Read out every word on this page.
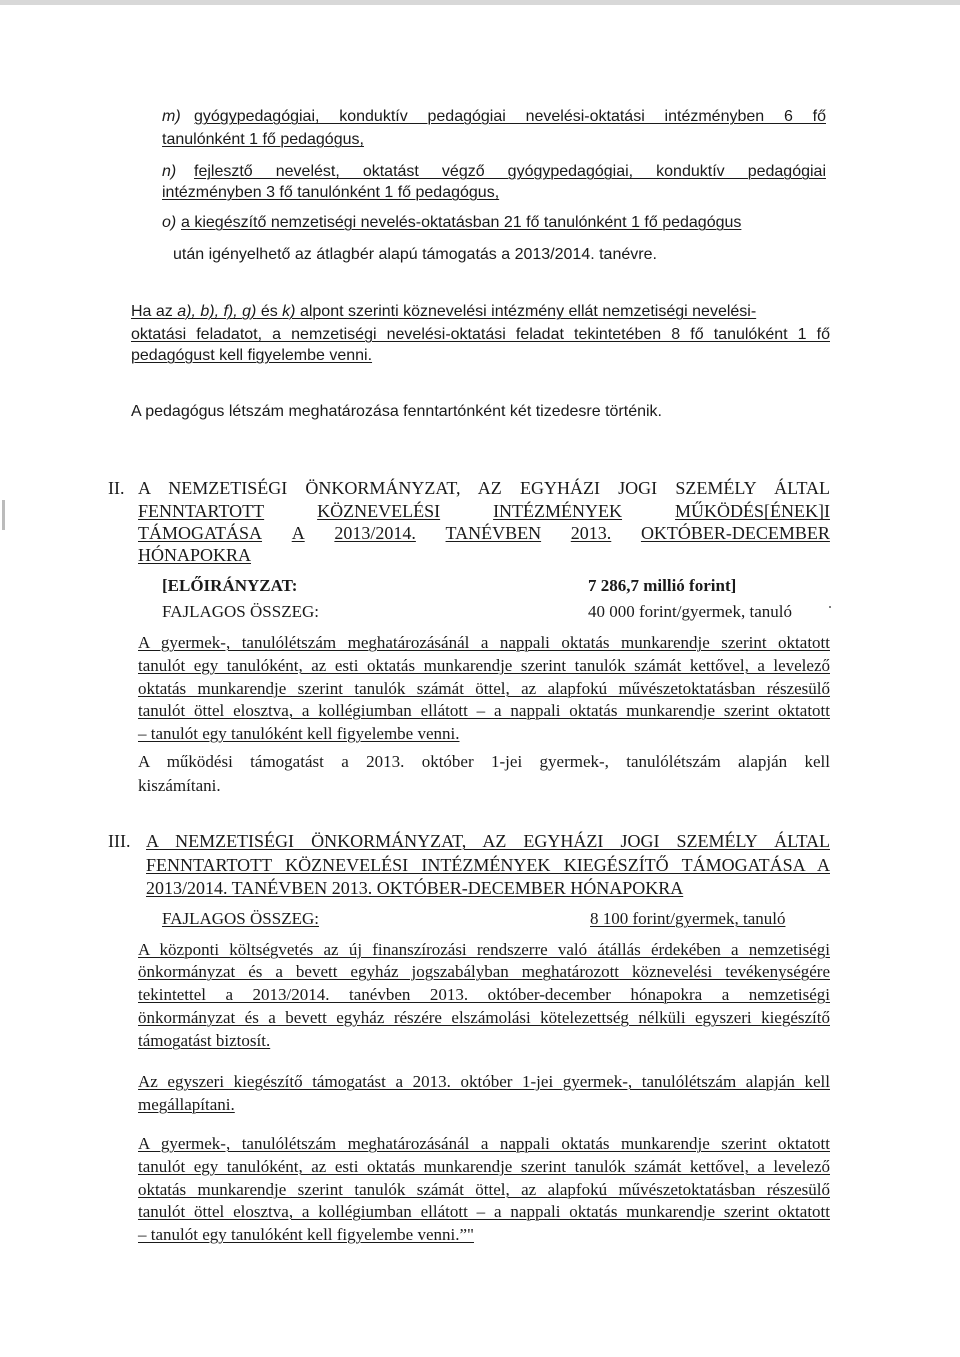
m) gyógypedagógiai, konduktív pedagógiai nevelési-oktatási intézményben 6 fő

tanulónként 1 fő pedagógus,

n) fejlesztő nevelést, oktatást végző gyógypedagógiai, konduktív pedagógiai

intézményben 3 fő tanulónként 1 fő pedagógus,

o) a kiegészítő nemzetiségi nevelés-oktatásban 21 fő tanulónként 1 fő pedagógus

után igényelhető az átlagbér alapú támogatás a 2013/2014. tanévre.

Ha az a), b), f), g) és k) alpont szerinti köznevelési intézmény ellát nemzetiségi nevelési-

oktatási feladatot, a nemzetiségi nevelési-oktatási feladat tekintetében 8 fő tanulóként 1 fő

pedagógust kell figyelembe venni.

A pedagógus létszám meghatározása fenntartónként két tizedesre történik.

II. A NEMZETISÉGI ÖNKORMÁNYZAT, AZ EGYHÁZI JOGI SZEMÉLY ÁLTAL

FENNTARTOTT	KÖZNEVELÉSI	INTÉZMÉNYEK	MŰKÖDÉS[ÉNEK]I
TÁMOGATÁSA A 2013/2014. TANÉVBEN 2013. OKTÓBER-DECEMBER

HÓNAPOKRA

[ELŐIRÁNYZAT:	7 286,7 millió forint]

FAJLAGOS ÖSSZEG:	40 000 forint/gyermek, tanuló

A gyermek-, tanulólétszám meghatározásánál a nappali oktatás munkarendje szerint oktatott

tanulót egy tanulóként, az esti oktatás munkarendje szerint tanulók számát kettővel, a levelező

oktatás munkarendje szerint tanulók számát öttel, az alapfokú művészetoktatásban részesülő

tanulót öttel elosztva, a kollégiumban ellátott – a nappali oktatás munkarendje szerint oktatott

– tanulót egy tanulóként kell figyelembe venni.

A működési támogatást a 2013. október 1-jei gyermek-, tanulólétszám alapján kell

kiszámítani.

III. A NEMZETISÉGI ÖNKORMÁNYZAT, AZ EGYHÁZI JOGI SZEMÉLY ÁLTAL

FENNTARTOTT KÖZNEVELÉSI INTÉZMÉNYEK KIEGÉSZÍTŐ TÁMOGATÁSA A

2013/2014. TANÉVBEN 2013. OKTÓBER-DECEMBER HÓNAPOKRA

FAJLAGOS ÖSSZEG:	8 100 forint/gyermek, tanuló

A központi költségvetés az új finanszírozási rendszerre való átállás érdekében a nemzetiségi

önkormányzat és a bevett egyház jogszabályban meghatározott köznevelési tevékenységére

tekintettel a 2013/2014. tanévben 2013. október-december hónapokra a nemzetiségi

önkormányzat és a bevett egyház részére elszámolási kötelezettség nélküli egyszeri kiegészítő

támogatást biztosít.

Az egyszeri kiegészítő támogatást a 2013. október 1-jei gyermek-, tanulólétszám alapján kell

megállapítani.

A gyermek-, tanulólétszám meghatározásánál a nappali oktatás munkarendje szerint oktatott

tanulót egy tanulóként, az esti oktatás munkarendje szerint tanulók számát kettővel, a levelező

oktatás munkarendje szerint tanulók számát öttel, az alapfokú művészetoktatásban részesülő

tanulót öttel elosztva, a kollégiumban ellátott – a nappali oktatás munkarendje szerint oktatott

– tanulót egy tanulóként kell figyelembe venni.”"
